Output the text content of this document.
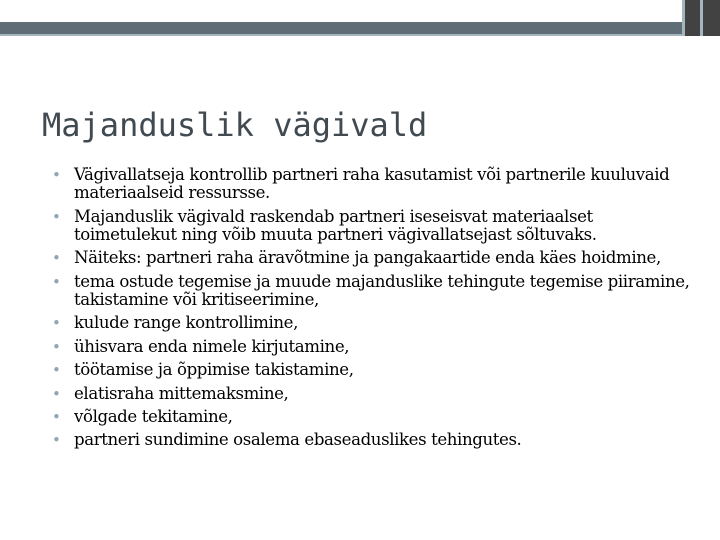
Majanduslik vägivald
• Vägivallatseja kontrollib partneri raha kasutamist või partnerile kuuluvaid materiaalseid ressursse.
• Majanduslik vägivald raskendab partneri iseseisvat materiaalset toimetulekut ning võib muuta partneri vägivallatsejast sõltuvaks.
• Näiteks: partneri raha äravõtmine ja pangakaartide enda käes hoidmine,
• tema ostude tegemise ja muude majanduslike tehingute tegemise piiramine, takistamine või kritiseerimine,
• kulude range kontrollimine,
• ühisvara enda nimele kirjutamine,
• töötamise ja õppimise takistamine,
• elatisraha mittemaksmine,
• võlgade tekitamine,
• partneri sundimine osalema ebaseaduslikes tehingutes.
